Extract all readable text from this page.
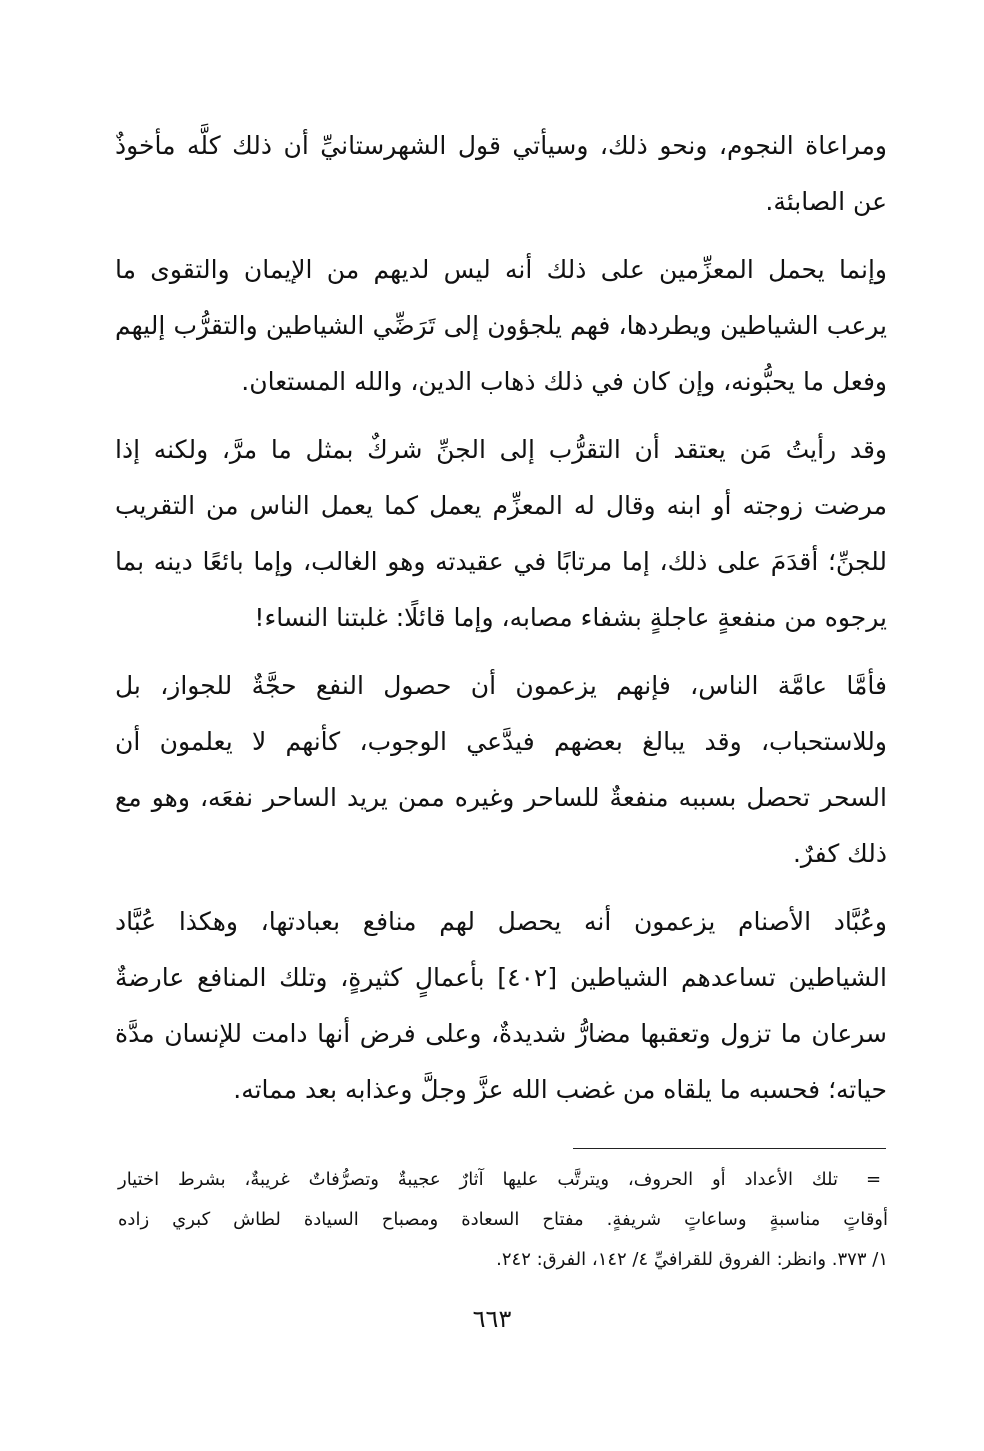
ومراعاة النجوم، ونحو ذلك، وسيأتي قول الشهرستانيِّ أن ذلك كلَّه مأخوذٌ
عن الصابئة.
وإنما يحمل المعزِّمين على ذلك أنه ليس لديهم من الإيمان والتقوى ما
يرعب الشياطين ويطردها، فهم يلجؤون إلى تَرَضِّي الشياطين والتقرُّب إليهم
وفعل ما يحبُّونه، وإن كان في ذلك ذهاب الدين، والله المستعان.
وقد رأيتُ مَن يعتقد أن التقرُّب إلى الجنِّ شركٌ بمثل ما مرَّ، ولكنه إذا
مرضت زوجته أو ابنه وقال له المعزِّم يعمل كما يعمل الناس من التقريب
للجنِّ؛ أقدَمَ على ذلك، إما مرتابًا في عقيدته وهو الغالب، وإما بائعًا دينه بما
يرجوه من منفعةٍ عاجلةٍ بشفاء مصابه، وإما قائلًا: غلبتنا النساء!
فأمَّا عامَّة الناس، فإنهم يزعمون أن حصول النفع حجَّةٌ للجواز، بل
وللاستحباب، وقد يبالغ بعضهم فيدَّعي الوجوب، كأنهم لا يعلمون أن
السحر تحصل بسببه منفعةٌ للساحر وغيره ممن يريد الساحر نفعَه، وهو مع
ذلك كفرٌ.
وعُبَّاد الأصنام يزعمون أنه يحصل لهم منافع بعبادتها، وهكذا عُبَّاد
الشياطين تساعدهم الشياطين [٤٠٢] بأعمالٍ كثيرةٍ، وتلك المنافع عارضةٌ
سرعان ما تزول وتعقبها مضارُّ شديدةٌ، وعلى فرض أنها دامت للإنسان مدَّة
حياته؛ فحسبه ما يلقاه من غضب الله عزَّ وجلَّ وعذابه بعد مماته.
=
تلك الأعداد أو الحروف، ويترتَّب عليها آثارٌ عجيبةٌ وتصرُّفاتٌ غريبةٌ، بشرط اختيار
أوقاتٍ مناسبةٍ وساعاتٍ شريفةٍ. مفتاح السعادة ومصباح السيادة لطاش كبري زاده
١/ ٣٧٣. وانظر: الفروق للقرافيِّ ٤/ ١٤٢، الفرق: ٢٤٢.
٦٦٣
